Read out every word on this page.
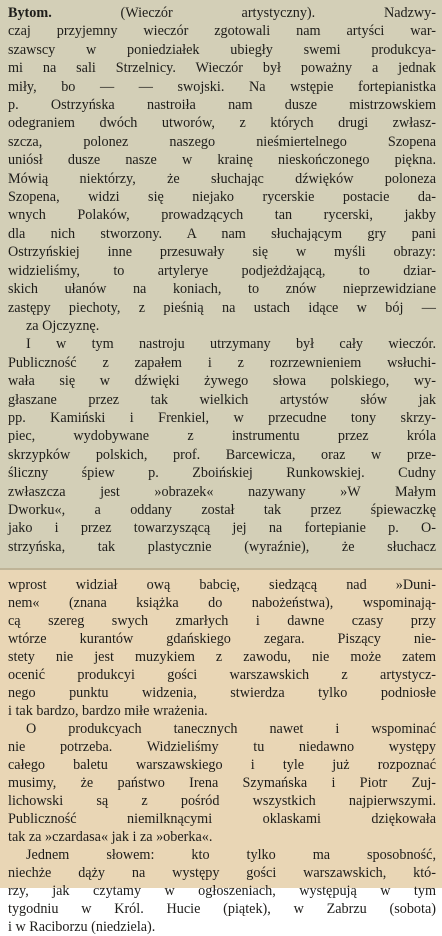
Bytom. (Wieczór artystyczny). Nadzwy-
czaj przyjemny wieczór zgotowali nam artyści war-
szawscy w poniedziałek ubiegły swemi produkcya-
mi na sali Strzelnicy. Wieczór był poważny a jednak
miły, bo — — swojski. Na wstępie fortepianistka
p. Ostrzyńska nastroiła nam dusze mistrzowskiem
odegraniem dwóch utworów, z których drugi zwłasz-
szcza, polonez naszego nieśmiertelnego Szopena
uniósł dusze nasze w krainę nieskończonego piękna.
Mówią niektórzy, że słuchając dźwięków poloneza
Szopena, widzi się niejako rycerskie postacie da-
wnych Polaków, prowadzących tan rycerski, jakby
dla nich stworzony. A nam słuchającym gry pani
Ostrzyńskiej inne przesuwały się w myśli obrazy:
widzieliśmy, to artylerye podjeżdżającą, to dziar-
skich ułanów na koniach, to znów nieprzewidziane
zastępy piechoty, z pieśnią na ustach idące w bój —
za Ojczyznę.
I w tym nastroju utrzymany był cały wieczór.
Publiczność z zapałem i z rozrzewnieniem wsłuchi-
wała się w dźwięki żywego słowa polskiego, wy-
głaszane przez tak wielkich artystów słów jak
pp. Kamiński i Frenkiel, w przecudne tony skrzy-
piec, wydobywane z instrumentu przez króla
skrzypków polskich, prof. Barcewicza, oraz w prze-
śliczny śpiew p. Zboińskiej Runkowskiej. Cudny
zwłaszcza jest »obrazek« nazywany »W Małym
Dworku«, a oddany został tak przez śpiewaczkę
jako i przez towarzyszącą jej na fortepianie p. O-
strzyńska, tak plastycznie (wyraźnie), że słuchacz
wprost widział ową babcię, siedzącą nad »Duni-
nem« (znana książka do nabożeństwa), wspominają-
cą szereg swych zmarłych i dawne czasy przy
wtórze kurantów gdańskiego zegara. Piszący nie-
stety nie jest muzykiem z zawodu, nie może zatem
ocenić produkcyi gości warszawskich z artystycz-
nego punktu widzenia, stwierdza tylko podniosłe
i tak bardzo, bardzo miłe wrażenia.
O produkcyach tanecznych nawet i wspominać
nie potrzeba. Widzieliśmy tu niedawno występy
całego baletu warszawskiego i tyle już rozpoznać
musimy, że państwo Irena Szymańska i Piotr Zuj-
lichowski są z pośród wszystkich najpierwszymi.
Publiczność niemilknącymi oklaskami dziękowała
tak za »czardasa« jak i za »oberka«.
Jednem słowem: kto tylko ma sposobność,
niechże dąży na występy gości warszawskich, któ-
rzy, jak czytamy w ogłoszeniach, występują w tym
tygodniu w Król. Hucie (piątek), w Zabrzu (sobota)
i w Raciborzu (niedziela).
